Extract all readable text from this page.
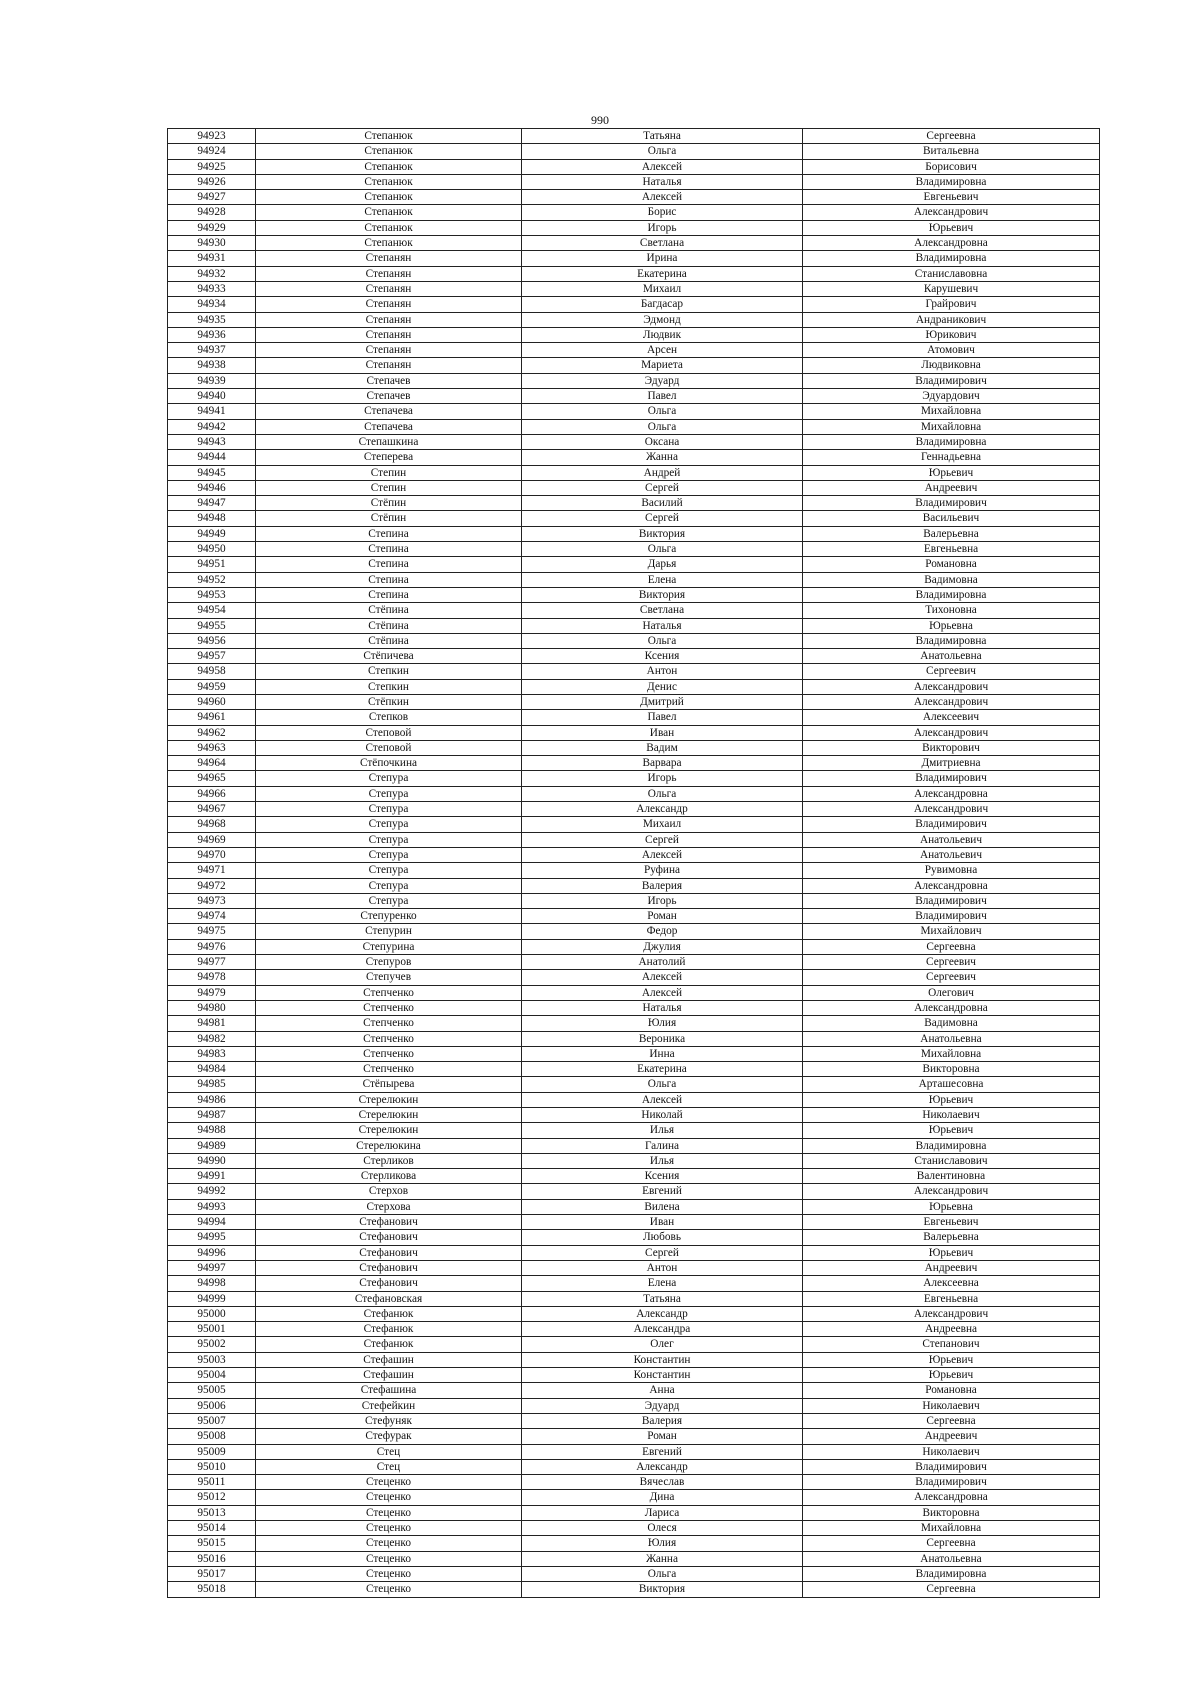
990
94923	Степанюк	Татьяна	Сергеевна
94924	Степанюк	Ольга	Витальевна
94925	Степанюк	Алексей	Борисович
94926	Степанюк	Наталья	Владимировна
94927	Степанюк	Алексей	Евгеньевич
94928	Степанюк	Борис	Александрович
94929	Степанюк	Игорь	Юрьевич
94930	Степанюк	Светлана	Александровна
94931	Степанян	Ирина	Владимировна
94932	Степанян	Екатерина	Станиславовна
94933	Степанян	Михаил	Карушевич
94934	Степанян	Багдасар	Грайрович
94935	Степанян	Эдмонд	Андраникович
94936	Степанян	Людвик	Юрикович
94937	Степанян	Арсен	Атомович
94938	Степанян	Мариета	Людвиковна
94939	Степачев	Эдуард	Владимирович
94940	Степачев	Павел	Эдуардович
94941	Степачева	Ольга	Михайловна
94942	Степачева	Ольга	Михайловна
94943	Степашкина	Оксана	Владимировна
94944	Степерева	Жанна	Геннадьевна
94945	Степин	Андрей	Юрьевич
94946	Степин	Сергей	Андреевич
94947	Стёпин	Василий	Владимирович
94948	Стёпин	Сергей	Васильевич
94949	Степина	Виктория	Валерьевна
94950	Степина	Ольга	Евгеньевна
94951	Степина	Дарья	Романовна
94952	Степина	Елена	Вадимовна
94953	Степина	Виктория	Владимировна
94954	Стёпина	Светлана	Тихоновна
94955	Стёпина	Наталья	Юрьевна
94956	Стёпина	Ольга	Владимировна
94957	Стёпичева	Ксения	Анатольевна
94958	Степкин	Антон	Сергеевич
94959	Степкин	Денис	Александрович
94960	Стёпкин	Дмитрий	Александрович
94961	Степков	Павел	Алексеевич
94962	Степовой	Иван	Александрович
94963	Степовой	Вадим	Викторович
94964	Стёпочкина	Варвара	Дмитриевна
94965	Степура	Игорь	Владимирович
94966	Степура	Ольга	Александровна
94967	Степура	Александр	Александрович
94968	Степура	Михаил	Владимирович
94969	Степура	Сергей	Анатольевич
94970	Степура	Алексей	Анатольевич
94971	Степура	Руфина	Рувимовна
94972	Степура	Валерия	Александровна
94973	Степура	Игорь	Владимирович
94974	Степуренко	Роман	Владимирович
94975	Степурин	Федор	Михайлович
94976	Степурина	Джулия	Сергеевна
94977	Степуров	Анатолий	Сергеевич
94978	Степучев	Алексей	Сергеевич
94979	Степченко	Алексей	Олегович
94980	Степченко	Наталья	Александровна
94981	Степченко	Юлия	Вадимовна
94982	Степченко	Вероника	Анатольевна
94983	Степченко	Инна	Михайловна
94984	Степченко	Екатерина	Викторовна
94985	Стёпырева	Ольга	Арташесовна
94986	Стерелюкин	Алексей	Юрьевич
94987	Стерелюкин	Николай	Николаевич
94988	Стерелюкин	Илья	Юрьевич
94989	Стерелюкина	Галина	Владимировна
94990	Стерликов	Илья	Станиславович
94991	Стерликова	Ксения	Валентиновна
94992	Стерхов	Евгений	Александрович
94993	Стерхова	Вилена	Юрьевна
94994	Стефанович	Иван	Евгеньевич
94995	Стефанович	Любовь	Валерьевна
94996	Стефанович	Сергей	Юрьевич
94997	Стефанович	Антон	Андреевич
94998	Стефанович	Елена	Алексеевна
94999	Стефановская	Татьяна	Евгеньевна
95000	Стефанюк	Александр	Александрович
95001	Стефанюк	Александра	Андреевна
95002	Стефанюк	Олег	Степанович
95003	Стефашин	Константин	Юрьевич
95004	Стефашин	Константин	Юрьевич
95005	Стефашина	Анна	Романовна
95006	Стефейкин	Эдуард	Николаевич
95007	Стефуняк	Валерия	Сергеевна
95008	Стефурак	Роман	Андреевич
95009	Стец	Евгений	Николаевич
95010	Стец	Александр	Владимирович
95011	Стеценко	Вячеслав	Владимирович
95012	Стеценко	Дина	Александровна
95013	Стеценко	Лариса	Викторовна
95014	Стеценко	Олеся	Михайловна
95015	Стеценко	Юлия	Сергеевна
95016	Стеценко	Жанна	Анатольевна
95017	Стеценко	Ольга	Владимировна
95018	Стеценко	Виктория	Сергеевна
